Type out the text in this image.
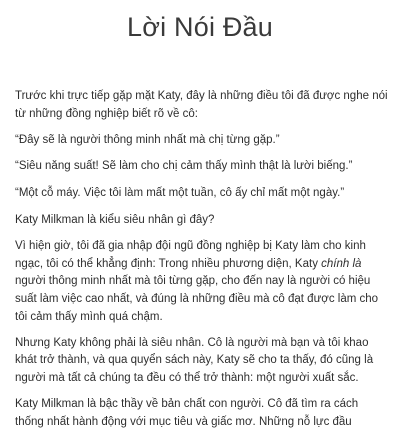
Lời Nói Đầu

Trước khi trực tiếp gặp mặt Katy, đây là những điều tôi đã được nghe nói từ những đồng nghiệp biết rõ về cô:

“Đây sẽ là người thông minh nhất mà chị từng gặp.”

“Siêu năng suất! Sẽ làm cho chị cảm thấy mình thật là lười biếng.”

“Một cỗ máy. Việc tôi làm mất một tuần, cô ấy chỉ mất một ngày.”

Katy Milkman là kiểu siêu nhân gì đây?

Vì hiện giờ, tôi đã gia nhập đội ngũ đồng nghiệp bị Katy làm cho kinh ngạc, tôi có thể khẳng định: Trong nhiều phương diện, Katy chính là người thông minh nhất mà tôi từng gặp, cho đến nay là người có hiệu suất làm việc cao nhất, và đúng là những điều mà cô đạt được làm cho tôi cảm thấy mình quá chậm.

Nhưng Katy không phải là siêu nhân. Cô là người mà bạn và tôi khao khát trở thành, và qua quyển sách này, Katy sẽ cho ta thấy, đó cũng là người mà tất cả chúng ta đều có thể trở thành: một người xuất sắc.

Katy Milkman là bậc thầy về bản chất con người. Cô đã tìm ra cách thống nhất hành động với mục tiêu và giấc mơ. Những nỗ lực đầu
